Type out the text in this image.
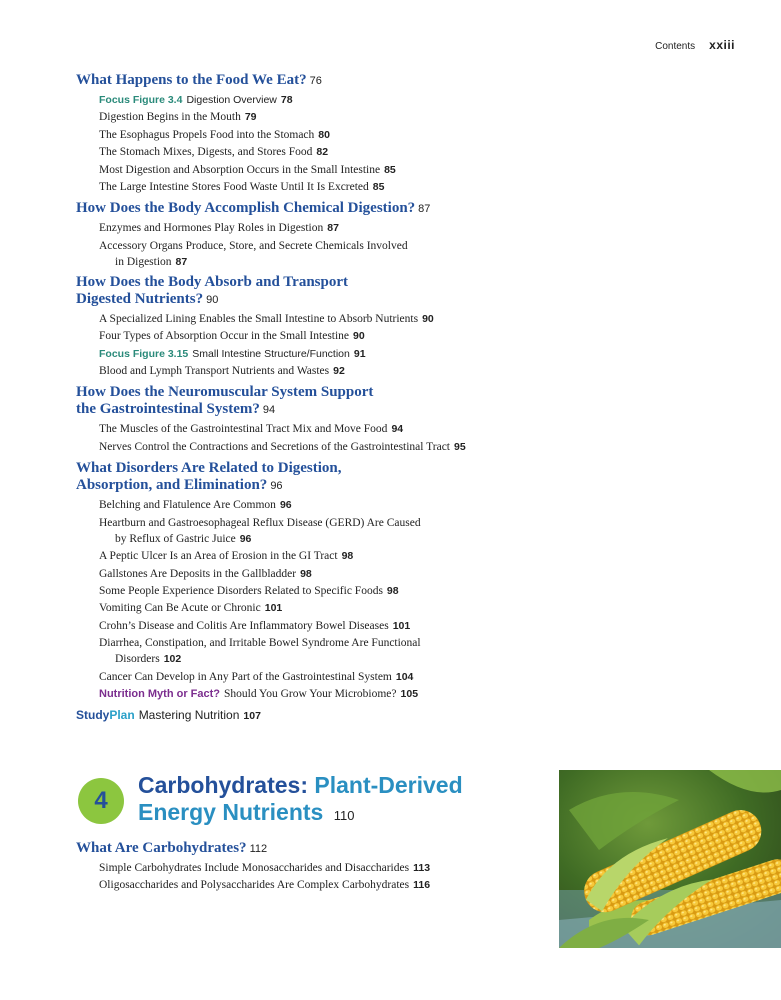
Contents xxiii
What Happens to the Food We Eat? 76
Focus Figure 3.4 Digestion Overview 78
Digestion Begins in the Mouth 79
The Esophagus Propels Food into the Stomach 80
The Stomach Mixes, Digests, and Stores Food 82
Most Digestion and Absorption Occurs in the Small Intestine 85
The Large Intestine Stores Food Waste Until It Is Excreted 85
How Does the Body Accomplish Chemical Digestion? 87
Enzymes and Hormones Play Roles in Digestion 87
Accessory Organs Produce, Store, and Secrete Chemicals Involved
in Digestion 87
How Does the Body Absorb and Transport
Digested Nutrients? 90
A Specialized Lining Enables the Small Intestine to Absorb Nutrients 90
Four Types of Absorption Occur in the Small Intestine 90
Focus Figure 3.15 Small Intestine Structure/Function 91
Blood and Lymph Transport Nutrients and Wastes 92
How Does the Neuromuscular System Support
the Gastrointestinal System? 94
The Muscles of the Gastrointestinal Tract Mix and Move Food 94
Nerves Control the Contractions and Secretions of the Gastrointestinal Tract 95
What Disorders Are Related to Digestion,
Absorption, and Elimination? 96
Belching and Flatulence Are Common 96
Heartburn and Gastroesophageal Reflux Disease (GERD) Are Caused
by Reflux of Gastric Juice 96
A Peptic Ulcer Is an Area of Erosion in the GI Tract 98
Gallstones Are Deposits in the Gallbladder 98
Some People Experience Disorders Related to Specific Foods 98
Vomiting Can Be Acute or Chronic 101
Crohn’s Disease and Colitis Are Inflammatory Bowel Diseases 101
Diarrhea, Constipation, and Irritable Bowel Syndrome Are Functional
Disorders 102
Cancer Can Develop in Any Part of the Gastrointestinal System 104
Nutrition Myth or Fact? Should You Grow Your Microbiome? 105
StudyPlan Mastering Nutrition 107
4
Carbohydrates: Plant-Derived
Energy Nutrients 110
What Are Carbohydrates? 112
Simple Carbohydrates Include Monosaccharides and Disaccharides 113
Oligosaccharides and Polysaccharides Are Complex Carbohydrates 116
